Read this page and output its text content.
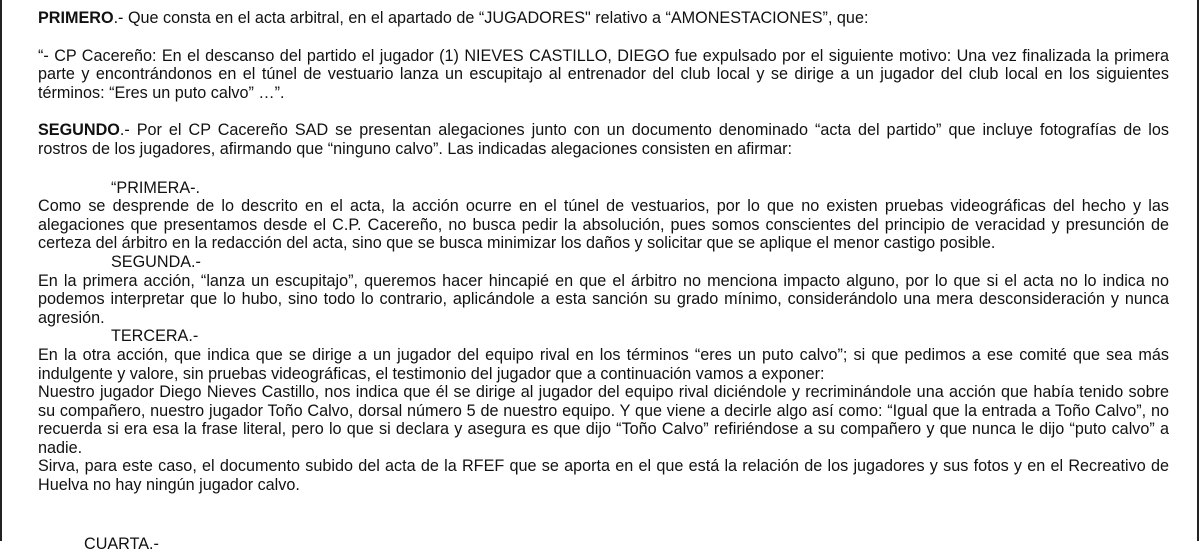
PRIMERO.- Que consta en el acta arbitral, en el apartado de “JUGADORES" relativo a “AMONESTACIONES”, que:

“- CP Cacereño: En el descanso del partido el jugador (1) NIEVES CASTILLO, DIEGO fue expulsado por el siguiente motivo: Una vez finalizada la primera parte y encontrándonos en el túnel de vestuario lanza un escupitajo al entrenador del club local y se dirige a un jugador del club local en los siguientes términos: “Eres un puto calvo” …”.

SEGUNDO.- Por el CP Cacereño SAD se presentan alegaciones junto con un documento denominado “acta del partido” que incluye fotografías de los rostros de los jugadores, afirmando que “ninguno calvo”. Las indicadas alegaciones consisten en afirmar:

“PRIMERA-.

Como se desprende de lo descrito en el acta, la acción ocurre en el túnel de vestuarios, por lo que no existen pruebas videográficas del hecho y las alegaciones que presentamos desde el C.P. Cacereño, no busca pedir la absolución, pues somos conscientes del principio de veracidad y presunción de certeza del árbitro en la redacción del acta, sino que se busca minimizar los daños y solicitar que se aplique el menor castigo posible.

SEGUNDA.-

En la primera acción, “lanza un escupitajo”, queremos hacer hincapié en que el árbitro no menciona impacto alguno, por lo que si el acta no lo indica no podemos interpretar que lo hubo, sino todo lo contrario, aplicándole a esta sanción su grado mínimo, considerándolo una mera desconsideración y nunca agresión.

TERCERA.-

En la otra acción, que indica que se dirige a un jugador del equipo rival en los términos “eres un puto calvo”; si que pedimos a ese comité que sea más indulgente y valore, sin pruebas videográficas, el testimonio del jugador que a continuación vamos a exponer:

Nuestro jugador Diego Nieves Castillo, nos indica que él se dirige al jugador del equipo rival diciéndole y recriminándole una acción que había tenido sobre su compañero, nuestro jugador Toño Calvo, dorsal número 5 de nuestro equipo. Y que viene a decirle algo así como: “Igual que la entrada a Toño Calvo”, no recuerda si era esa la frase literal, pero lo que si declara y asegura es que dijo “Toño Calvo” refiriéndose a su compañero y que nunca le dijo “puto calvo” a nadie.

Sirva, para este caso, el documento subido del acta de la RFEF que se aporta en el que está la relación de los jugadores y sus fotos y en el Recreativo de Huelva no hay ningún jugador calvo.

CUARTA.-
